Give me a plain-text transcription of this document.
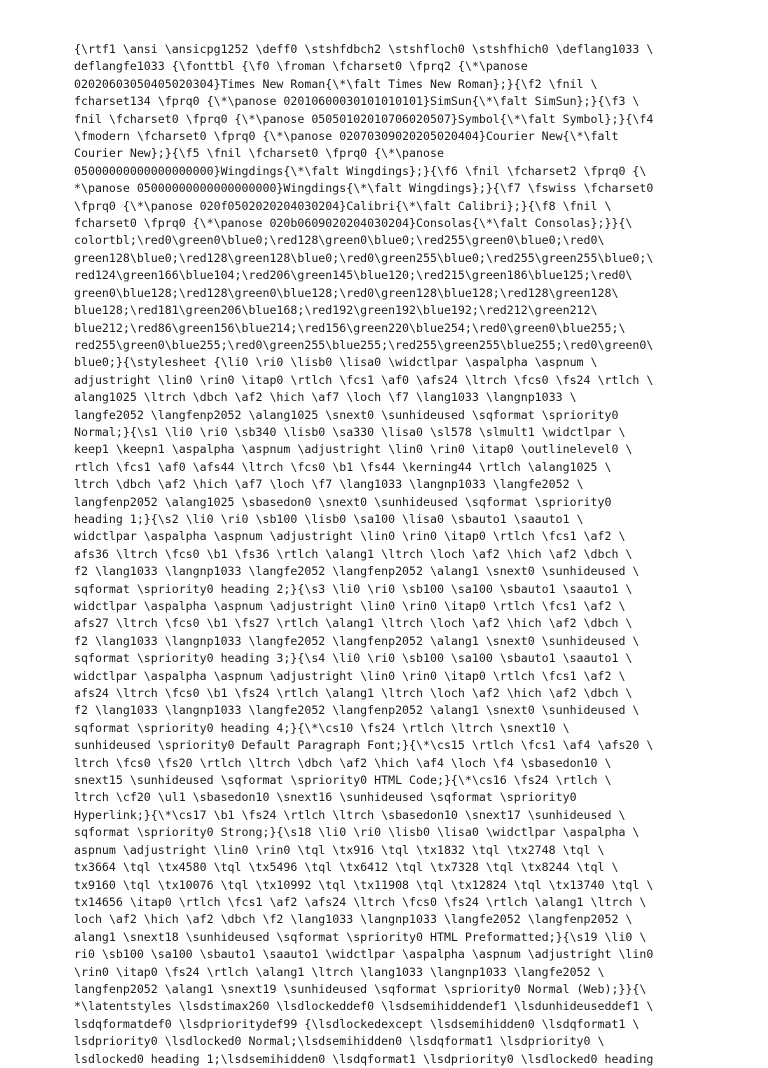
{\rtf1 \ansi \ansicpg1252 \deff0 \stshfdbch2 \stshfloch0 \stshfhich0 \deflang1033 \
deflangfe1033 {\fonttbl {\f0 \froman \fcharset0 \fprq2 {\*\panose
02020603050405020304}Times New Roman{\*\falt Times New Roman};}{\f2 \fnil \
fcharset134 \fprq0 {\*\panose 02010600030101010101}SimSun{\*\falt SimSun};}{\f3 \
fnil \fcharset0 \fprq0 {\*\panose 05050102010706020507}Symbol{\*\falt Symbol};}{\f4
\fmodern \fcharset0 \fprq0 {\*\panose 02070309020205020404}Courier New{\*\falt
Courier New};}{\f5 \fnil \fcharset0 \fprq0 {\*\panose
05000000000000000000}Wingdings{\*\falt Wingdings};}{\f6 \fnil \fcharset2 \fprq0 {\
*\panose 05000000000000000000}Wingdings{\*\falt Wingdings};}{\f7 \fswiss \fcharset0
\fprq0 {\*\panose 020f0502020204030204}Calibri{\*\falt Calibri};}{\f8 \fnil \
fcharset0 \fprq0 {\*\panose 020b0609020204030204}Consolas{\*\falt Consolas};}}{\
colortbl;\red0\green0\blue0;\red128\green0\blue0;\red255\green0\blue0;\red0\
green128\blue0;\red128\green128\blue0;\red0\green255\blue0;\red255\green255\blue0;\
red124\green166\blue104;\red206\green145\blue120;\red215\green186\blue125;\red0\
green0\blue128;\red128\green0\blue128;\red0\green128\blue128;\red128\green128\
blue128;\red181\green206\blue168;\red192\green192\blue192;\red212\green212\
blue212;\red86\green156\blue214;\red156\green220\blue254;\red0\green0\blue255;\
red255\green0\blue255;\red0\green255\blue255;\red255\green255\blue255;\red0\green0\
blue0;}{\stylesheet {\li0 \ri0 \lisb0 \lisa0 \widctlpar \aspalpha \aspnum \
adjustright \lin0 \rin0 \itap0 \rtlch \fcs1 \af0 \afs24 \ltrch \fcs0 \fs24 \rtlch \
alang1025 \ltrch \dbch \af2 \hich \af7 \loch \f7 \lang1033 \langnp1033 \
langfe2052 \langfenp2052 \alang1025 \snext0 \sunhideused \sqformat \spriority0
Normal;}{\s1 \li0 \ri0 \sb340 \lisb0 \sa330 \lisa0 \sl578 \slmult1 \widctlpar \
keep1 \keepn1 \aspalpha \aspnum \adjustright \lin0 \rin0 \itap0 \outlinelevel0 \
rtlch \fcs1 \af0 \afs44 \ltrch \fcs0 \b1 \fs44 \kerning44 \rtlch \alang1025 \
ltrch \dbch \af2 \hich \af7 \loch \f7 \lang1033 \langnp1033 \langfe2052 \
langfenp2052 \alang1025 \sbasedon0 \snext0 \sunhideused \sqformat \spriority0
heading 1;}{\s2 \li0 \ri0 \sb100 \lisb0 \sa100 \lisa0 \sbauto1 \saauto1 \
widctlpar \aspalpha \aspnum \adjustright \lin0 \rin0 \itap0 \rtlch \fcs1 \af2 \
afs36 \ltrch \fcs0 \b1 \fs36 \rtlch \alang1 \ltrch \loch \af2 \hich \af2 \dbch \
f2 \lang1033 \langnp1033 \langfe2052 \langfenp2052 \alang1 \snext0 \sunhideused \
sqformat \spriority0 heading 2;}{\s3 \li0 \ri0 \sb100 \sa100 \sbauto1 \saauto1 \
widctlpar \aspalpha \aspnum \adjustright \lin0 \rin0 \itap0 \rtlch \fcs1 \af2 \
afs27 \ltrch \fcs0 \b1 \fs27 \rtlch \alang1 \ltrch \loch \af2 \hich \af2 \dbch \
f2 \lang1033 \langnp1033 \langfe2052 \langfenp2052 \alang1 \snext0 \sunhideused \
sqformat \spriority0 heading 3;}{\s4 \li0 \ri0 \sb100 \sa100 \sbauto1 \saauto1 \
widctlpar \aspalpha \aspnum \adjustright \lin0 \rin0 \itap0 \rtlch \fcs1 \af2 \
afs24 \ltrch \fcs0 \b1 \fs24 \rtlch \alang1 \ltrch \loch \af2 \hich \af2 \dbch \
f2 \lang1033 \langnp1033 \langfe2052 \langfenp2052 \alang1 \snext0 \sunhideused \
sqformat \spriority0 heading 4;}{\*\cs10 \fs24 \rtlch \ltrch \snext10 \
sunhideused \spriority0 Default Paragraph Font;}{\*\cs15 \rtlch \fcs1 \af4 \afs20 \
ltrch \fcs0 \fs20 \rtlch \ltrch \dbch \af2 \hich \af4 \loch \f4 \sbasedon10 \
snext15 \sunhideused \sqformat \spriority0 HTML Code;}{\*\cs16 \fs24 \rtlch \
ltrch \cf20 \ul1 \sbasedon10 \snext16 \sunhideused \sqformat \spriority0
Hyperlink;}{\*\cs17 \b1 \fs24 \rtlch \ltrch \sbasedon10 \snext17 \sunhideused \
sqformat \spriority0 Strong;}{\s18 \li0 \ri0 \lisb0 \lisa0 \widctlpar \aspalpha \
aspnum \adjustright \lin0 \rin0 \tql \tx916 \tql \tx1832 \tql \tx2748 \tql \
tx3664 \tql \tx4580 \tql \tx5496 \tql \tx6412 \tql \tx7328 \tql \tx8244 \tql \
tx9160 \tql \tx10076 \tql \tx10992 \tql \tx11908 \tql \tx12824 \tql \tx13740 \tql \
tx14656 \itap0 \rtlch \fcs1 \af2 \afs24 \ltrch \fcs0 \fs24 \rtlch \alang1 \ltrch \
loch \af2 \hich \af2 \dbch \f2 \lang1033 \langnp1033 \langfe2052 \langfenp2052 \
alang1 \snext18 \sunhideused \sqformat \spriority0 HTML Preformatted;}{\s19 \li0 \
ri0 \sb100 \sa100 \sbauto1 \saauto1 \widctlpar \aspalpha \aspnum \adjustright \lin0
\rin0 \itap0 \fs24 \rtlch \alang1 \ltrch \lang1033 \langnp1033 \langfe2052 \
langfenp2052 \alang1 \snext19 \sunhideused \sqformat \spriority0 Normal (Web);}}{\
*\latentstyles \lsdstimax260 \lsdlockeddef0 \lsdsemihiddendef1 \lsdunhideuseddef1 \
lsdqformatdef0 \lsdprioritydef99 {\lsdlockedexcept \lsdsemihidden0 \lsdqformat1 \
lsdpriority0 \lsdlocked0 Normal;\lsdsemihidden0 \lsdqformat1 \lsdpriority0 \
lsdlocked0 heading 1;\lsdsemihidden0 \lsdqformat1 \lsdpriority0 \lsdlocked0 heading
